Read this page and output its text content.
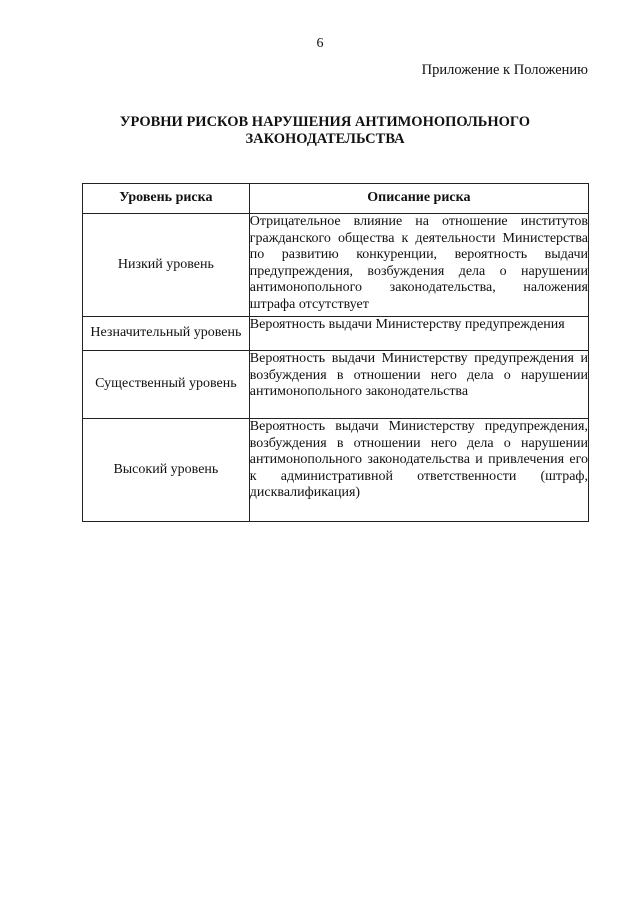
6
Приложение к Положению
УРОВНИ РИСКОВ НАРУШЕНИЯ АНТИМОНОПОЛЬНОГО
ЗАКОНОДАТЕЛЬСТВА
Уровень риска	Описание риска
Низкий уровень	Отрицательное влияние на отношение институтов гражданского общества к деятельности Министерства по развитию конкуренции, вероятность выдачи предупреждения, возбуждения дела о нарушении антимонопольного законодательства, наложения штрафа отсутствует
Незначительный уровень	Вероятность выдачи Министерству предупреждения
Существенный уровень	Вероятность выдачи Министерству предупреждения и возбуждения в отношении него дела о нарушении антимонопольного законодательства
Высокий уровень	Вероятность выдачи Министерству предупреждения, возбуждения в отношении него дела о нарушении антимонопольного законодательства и привлечения его к административной ответственности (штраф, дисквалификация)
